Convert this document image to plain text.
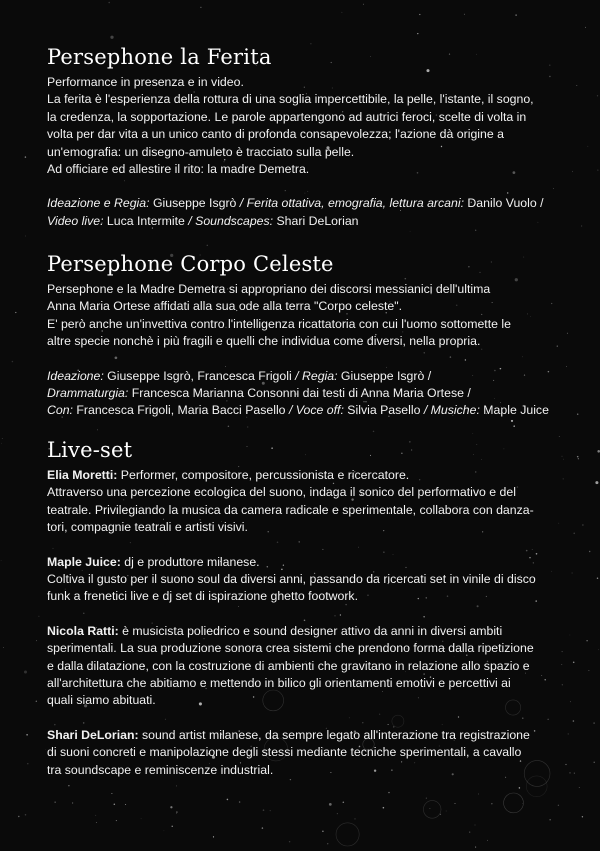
Persephone la Ferita

Performance in presenza e in video.

La ferita è l'esperienza della rottura di una soglia impercettibile, la pelle, l'istante, il sogno,

la credenza, la sopportazione. Le parole appartengono ad autrici feroci, scelte di volta in

volta per dar vita a un unico canto di profonda consapevolezza; l'azione dà origine a

un'emografia: un disegno-amuleto è tracciato sulla pelle.

Ad officiare ed allestire il rito: la madre Demetra.

Ideazione e Regia: Giuseppe Isgrò / Ferita ottativa, emografia, lettura arcani: Danilo Vuolo /

Video live: Luca Intermite / Soundscapes: Shari DeLorian

Persephone Corpo Celeste

Persephone e la Madre Demetra si appropriano dei discorsi messianici dell'ultima

Anna Maria Ortese affidati alla sua ode alla terra "Corpo celeste".

E' però anche un'invettiva contro l'intelligenza ricattatoria con cui l'uomo sottomette le

altre specie nonchè i più fragili e quelli che individua come diversi, nella propria.

Ideazione: Giuseppe Isgrò, Francesca Frigoli / Regia: Giuseppe Isgrò /

Drammaturgia: Francesca Marianna Consonni dai testi di Anna Maria Ortese /

Con: Francesca Frigoli, Maria Bacci Pasello / Voce off: Silvia Pasello / Musiche: Maple Juice

Live-set

Elia Moretti: Performer, compositore, percussionista e ricercatore.

Attraverso una percezione ecologica del suono, indaga il sonico del performativo e del

teatrale. Privilegiando la musica da camera radicale e sperimentale, collabora con danza-

tori, compagnie teatrali e artisti visivi.

Maple Juice: dj e produttore milanese.

Coltiva il gusto per il suono soul da diversi anni, passando da ricercati set in vinile di disco

funk a frenetici live e dj set di ispirazione ghetto footwork.

Nicola Ratti: è musicista poliedrico e sound designer attivo da anni in diversi ambiti

sperimentali. La sua produzione sonora crea sistemi che prendono forma dalla ripetizione

e dalla dilatazione, con la costruzione di ambienti che gravitano in relazione allo spazio e

all'architettura che abitiamo e mettendo in bilico gli orientamenti emotivi e percettivi ai

quali siamo abituati.

Shari DeLorian: sound artist milanese, da sempre legato all'interazione tra registrazione

di suoni concreti e manipolazione degli stessi mediante tecniche sperimentali, a cavallo

tra soundscape e reminiscenze industrial.
